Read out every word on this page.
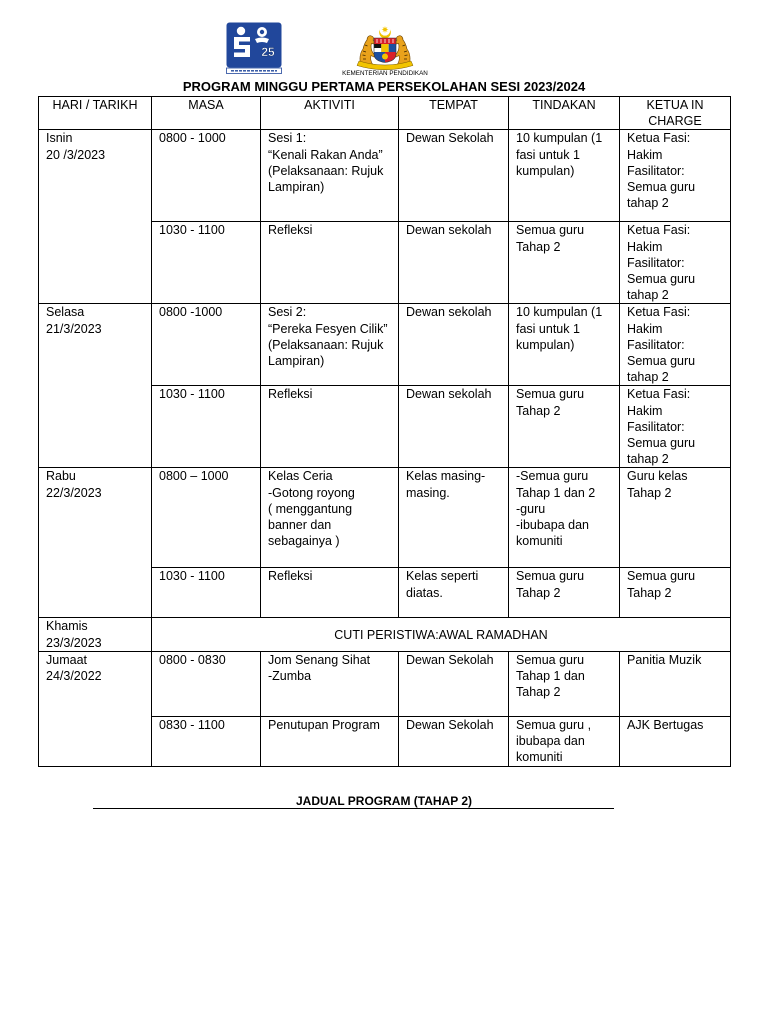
25
KEMENTERIAN PENDIDIKAN
PROGRAM MINGGU PERTAMA PERSEKOLAHAN SESI 2023/2024
HARI / TARIKH	MASA	AKTIVITI	TEMPAT	TINDAKAN	KETUA IN
CHARGE
Isnin
20 /3/2023	0800 - 1000	Sesi 1:
“Kenali Rakan Anda”
(Pelaksanaan: Rujuk
Lampiran)	Dewan Sekolah	10 kumpulan (1
fasi untuk 1
kumpulan)	Ketua Fasi:
Hakim
Fasilitator:
Semua guru
tahap 2
	1030 - 1100	Refleksi	Dewan sekolah	Semua guru
Tahap 2	Ketua Fasi:
Hakim
Fasilitator:
Semua guru
tahap 2
Selasa
21/3/2023	0800 -1000	Sesi 2:
“Pereka Fesyen Cilik”
(Pelaksanaan: Rujuk
Lampiran)	Dewan sekolah	10 kumpulan (1
fasi untuk 1
kumpulan)	Ketua Fasi:
Hakim
Fasilitator:
Semua guru
tahap 2
	1030 - 1100	Refleksi	Dewan sekolah	Semua guru
Tahap 2	Ketua Fasi:
Hakim
Fasilitator:
Semua guru
tahap 2
Rabu
22/3/2023	0800 – 1000	Kelas Ceria
-Gotong royong
( menggantung
banner dan
sebagainya )	Kelas masing-
masing.	-Semua guru
Tahap 1 dan 2
-guru
-ibubapa dan
komuniti	Guru kelas
Tahap 2
	1030 - 1100	Refleksi	Kelas seperti
diatas.	Semua guru
Tahap 2	Semua guru
Tahap 2
Khamis
23/3/2023	CUTI PERISTIWA:AWAL RAMADHAN				
Jumaat
24/3/2022	0800 - 0830	Jom Senang Sihat
-Zumba	Dewan Sekolah	Semua guru
Tahap 1 dan
Tahap 2	Panitia Muzik
	0830 - 1100	Penutupan Program	Dewan Sekolah	Semua guru ,
ibubapa dan
komuniti	AJK Bertugas
JADUAL PROGRAM (TAHAP 2)
